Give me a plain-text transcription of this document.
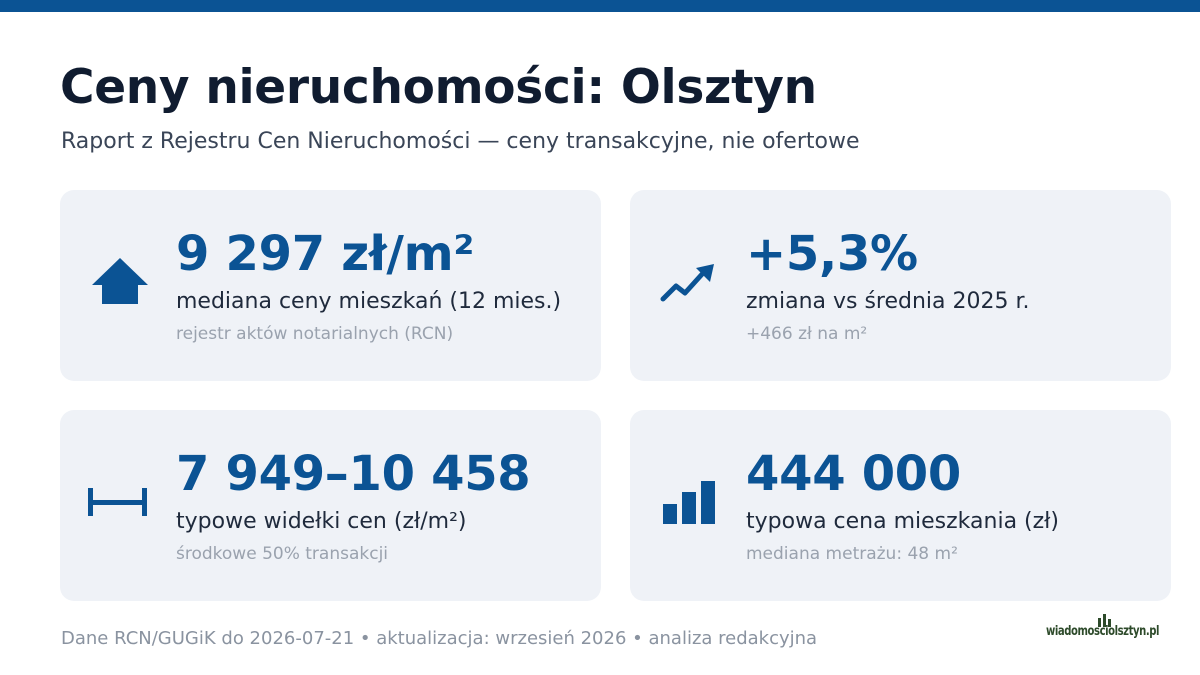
Ceny nieruchomości: Olsztyn
Raport z Rejestru Cen Nieruchomości — ceny transakcyjne, nie ofertowe
9 297 zł/m²
mediana ceny mieszkań (12 mies.)
rejestr aktów notarialnych (RCN)
+5,3%
zmiana vs średnia 2025 r.
+466 zł na m²
7 949–10 458
typowe widełki cen (zł/m²)
środkowe 50% transakcji
444 000
typowa cena mieszkania (zł)
mediana metrażu: 48 m²
Dane RCN/GUGiK do 2026-07-21 • aktualizacja: wrzesień 2026 • analiza redakcyjna	wiadomosciolsztyn.pl
